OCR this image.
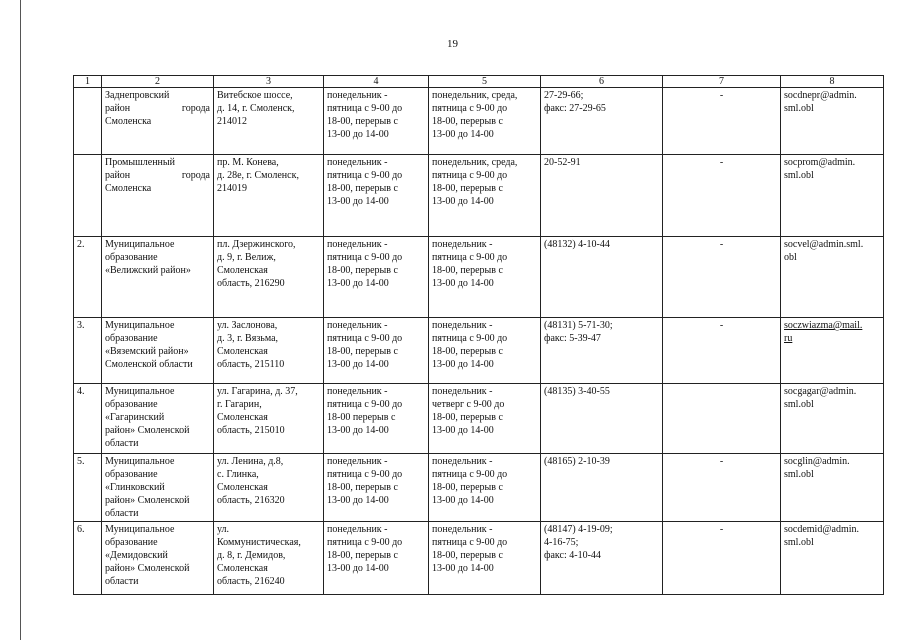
19
1	2	3	4	5	6	7	8

	Заднепровский
район города
Смоленска	Витебское шоссе,
д. 14, г. Смоленск,
214012	понедельник -
пятница с 9-00 до
18-00, перерыв с
13-00 до 14-00	понедельник, среда,
пятница с 9-00 до
18-00, перерыв с
13-00 до 14-00	27-29-66;
факс: 27-29-65	-	socdnepr@admin.
sml.obl

	Промышленный
район города
Смоленска	пр. М. Конева,
д. 28е, г. Смоленск,
214019	понедельник -
пятница с 9-00 до
18-00, перерыв с
13-00 до 14-00	понедельник, среда,
пятница с 9-00 до
18-00, перерыв с
13-00 до 14-00	20-52-91	-	socprom@admin.
sml.obl

2.	Муниципальное
образование
«Велижский район»	пл. Дзержинского,
д. 9, г. Велиж,
Смоленская
область, 216290	понедельник -
пятница с 9-00 до
18-00, перерыв с
13-00 до 14-00	понедельник -
пятница с 9-00 до
18-00, перерыв с
13-00 до 14-00	(48132) 4-10-44	-	socvel@admin.sml.
obl

3.	Муниципальное
образование
«Вяземский район»
Смоленской области	ул. Заслонова,
д. 3, г. Вязьма,
Смоленская
область, 215110	понедельник -
пятница с 9-00 до
18-00, перерыв с
13-00 до 14-00	понедельник -
пятница с 9-00 до
18-00, перерыв с
13-00 до 14-00	(48131) 5-71-30;
факс: 5-39-47	-	soczwiazma@mail.
ru

4.	Муниципальное
образование
«Гагаринский
район» Смоленской
области	ул. Гагарина, д. 37,
г. Гагарин,
Смоленская
область, 215010	понедельник -
пятница с 9-00 до
18-00 перерыв с
13-00 до 14-00	понедельник -
четверг с 9-00 до
18-00, перерыв с
13-00 до 14-00	(48135) 3-40-55		socgagar@admin.
sml.obl

5.	Муниципальное
образование
«Глинковский
район» Смоленской
области	ул. Ленина, д.8,
с. Глинка,
Смоленская
область, 216320	понедельник -
пятница с 9-00 до
18-00, перерыв с
13-00 до 14-00	понедельник -
пятница с 9-00 до
18-00, перерыв с
13-00 до 14-00	(48165) 2-10-39	-	socglin@admin.
sml.obl

6.	Муниципальное
образование
«Демидовский
район» Смоленской
области	ул.
Коммунистическая,
д. 8, г. Демидов,
Смоленская
область, 216240	понедельник -
пятница с 9-00 до
18-00, перерыв с
13-00 до 14-00	понедельник -
пятница с 9-00 до
18-00, перерыв с
13-00 до 14-00	(48147) 4-19-09;
4-16-75;
факс: 4-10-44	-	socdemid@admin.
sml.obl
